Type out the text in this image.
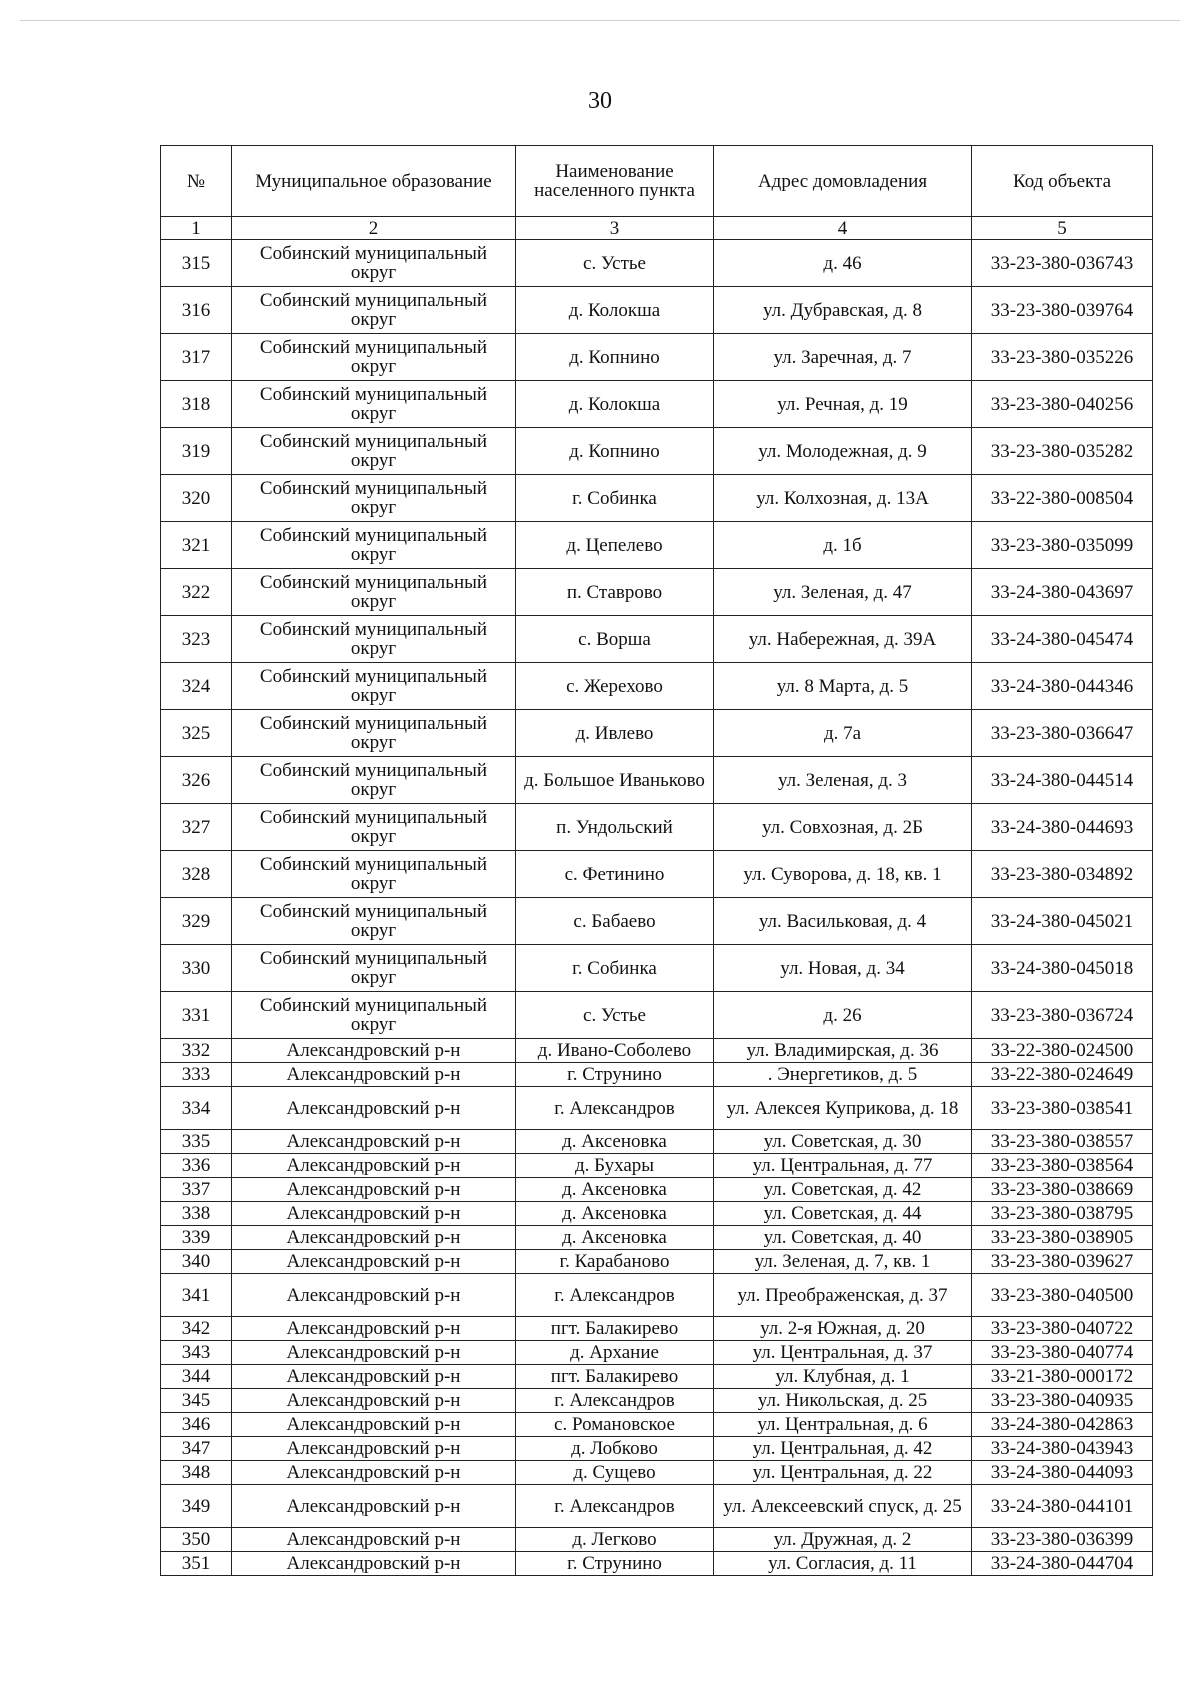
30
№	Муниципальное образование	Наименование населенного пункта	Адрес домовладения	Код объекта
1	2	3	4	5
315	Собинский муниципальный округ	с. Устье	д. 46	33-23-380-036743
316	Собинский муниципальный округ	д. Колокша	ул. Дубравская, д. 8	33-23-380-039764
317	Собинский муниципальный округ	д. Копнино	ул. Заречная, д. 7	33-23-380-035226
318	Собинский муниципальный округ	д. Колокша	ул. Речная, д. 19	33-23-380-040256
319	Собинский муниципальный округ	д. Копнино	ул. Молодежная, д. 9	33-23-380-035282
320	Собинский муниципальный округ	г. Собинка	ул. Колхозная, д. 13А	33-22-380-008504
321	Собинский муниципальный округ	д. Цепелево	д. 1б	33-23-380-035099
322	Собинский муниципальный округ	п. Ставрово	ул. Зеленая, д. 47	33-24-380-043697
323	Собинский муниципальный округ	с. Ворша	ул. Набережная, д. 39А	33-24-380-045474
324	Собинский муниципальный округ	с. Жерехово	ул. 8 Марта, д. 5	33-24-380-044346
325	Собинский муниципальный округ	д. Ивлево	д. 7а	33-23-380-036647
326	Собинский муниципальный округ	д. Большое Иваньково	ул. Зеленая, д. 3	33-24-380-044514
327	Собинский муниципальный округ	п. Ундольский	ул. Совхозная, д. 2Б	33-24-380-044693
328	Собинский муниципальный округ	с. Фетинино	ул. Суворова, д. 18, кв. 1	33-23-380-034892
329	Собинский муниципальный округ	с. Бабаево	ул. Васильковая, д. 4	33-24-380-045021
330	Собинский муниципальный округ	г. Собинка	ул. Новая, д. 34	33-24-380-045018
331	Собинский муниципальный округ	с. Устье	д. 26	33-23-380-036724
332	Александровский р-н	д. Ивано-Соболево	ул. Владимирская, д. 36	33-22-380-024500
333	Александровский р-н	г. Струнино	. Энергетиков, д. 5	33-22-380-024649
334	Александровский р-н	г. Александров	ул. Алексея Куприкова, д. 18	33-23-380-038541
335	Александровский р-н	д. Аксеновка	ул. Советская, д. 30	33-23-380-038557
336	Александровский р-н	д. Бухары	ул. Центральная, д. 77	33-23-380-038564
337	Александровский р-н	д. Аксеновка	ул. Советская, д. 42	33-23-380-038669
338	Александровский р-н	д. Аксеновка	ул. Советская, д. 44	33-23-380-038795
339	Александровский р-н	д. Аксеновка	ул. Советская, д. 40	33-23-380-038905
340	Александровский р-н	г. Карабаново	ул. Зеленая, д. 7, кв. 1	33-23-380-039627
341	Александровский р-н	г. Александров	ул. Преображенская, д. 37	33-23-380-040500
342	Александровский р-н	пгт. Балакирево	ул. 2-я Южная, д. 20	33-23-380-040722
343	Александровский р-н	д. Архание	ул. Центральная, д. 37	33-23-380-040774
344	Александровский р-н	пгт. Балакирево	ул. Клубная, д. 1	33-21-380-000172
345	Александровский р-н	г. Александров	ул. Никольская, д. 25	33-23-380-040935
346	Александровский р-н	с. Романовское	ул. Центральная, д. 6	33-24-380-042863
347	Александровский р-н	д. Лобково	ул. Центральная, д. 42	33-24-380-043943
348	Александровский р-н	д. Сущево	ул. Центральная, д. 22	33-24-380-044093
349	Александровский р-н	г. Александров	ул. Алексеевский спуск, д. 25	33-24-380-044101
350	Александровский р-н	д. Легково	ул. Дружная, д. 2	33-23-380-036399
351	Александровский р-н	г. Струнино	ул. Согласия, д. 11	33-24-380-044704
